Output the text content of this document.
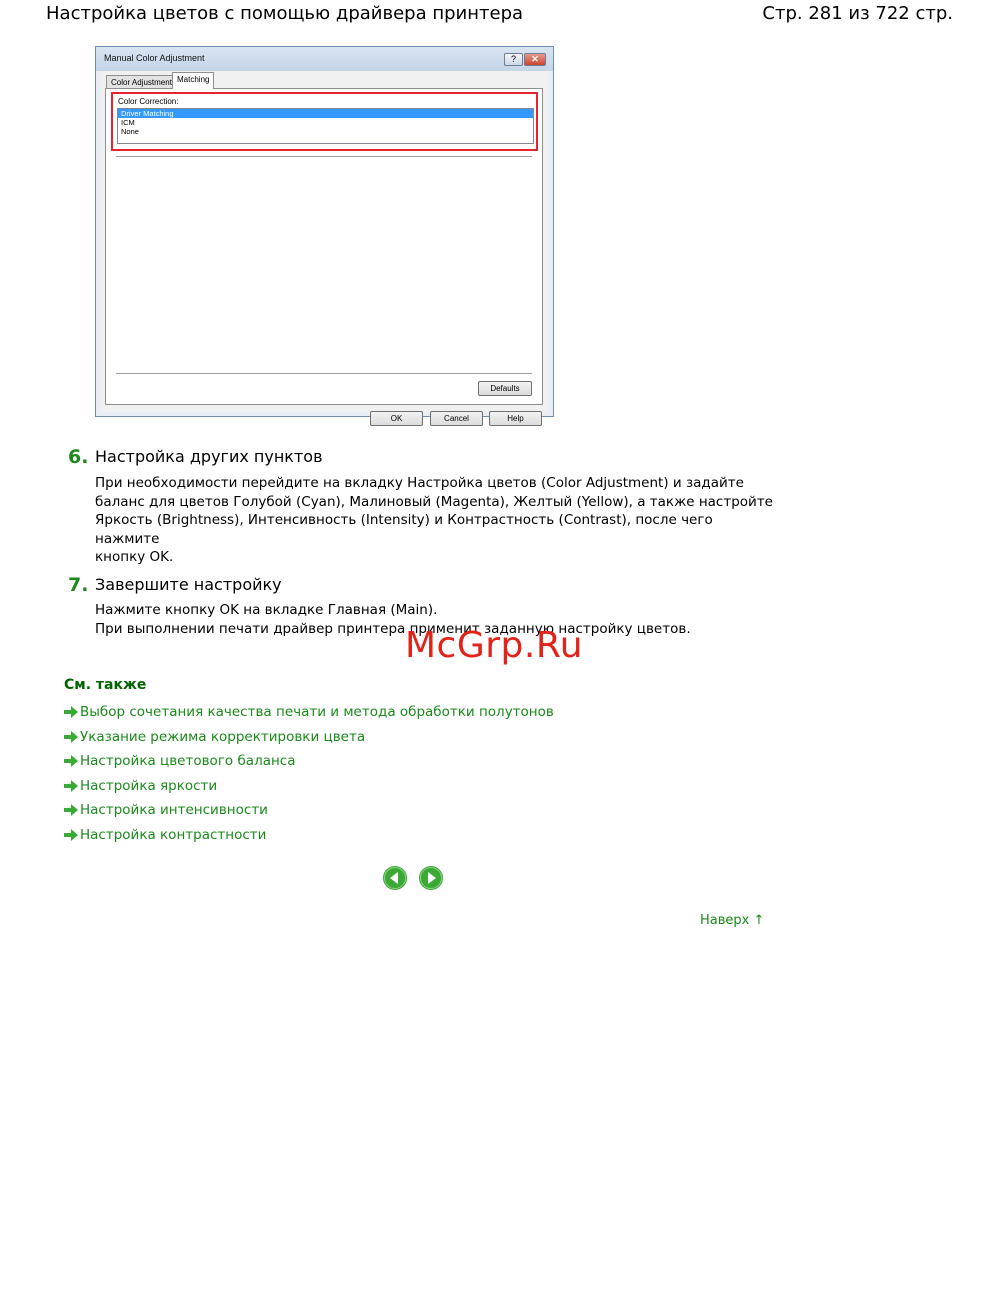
Настройка цветов с помощью драйвера принтера	Стр. 281 из 722 стр.
Manual Color Adjustment	?	✕
Color Adjustment Matching
Color Correction:
Driver Matching
ICM
None
Defaults
OK	Cancel	Help
6. Настройка других пунктов
При необходимости перейдите на вкладку Настройка цветов (Color Adjustment) и задайте
баланс для цветов Голубой (Cyan), Малиновый (Magenta), Желтый (Yellow), а также настройте
Яркость (Brightness), Интенсивность (Intensity) и Контрастность (Contrast), после чего нажмите
кнопку OK.
7. Завершите настройку
Нажмите кнопку OK на вкладке Главная (Main).
При выполнении печати драйвер принтера применит заданную настройку цветов.
McGrp.Ru
См. также
Выбор сочетания качества печати и метода обработки полутонов
Указание режима корректировки цвета
Настройка цветового баланса
Настройка яркости
Настройка интенсивности
Настройка контрастности
Наверх ↑
